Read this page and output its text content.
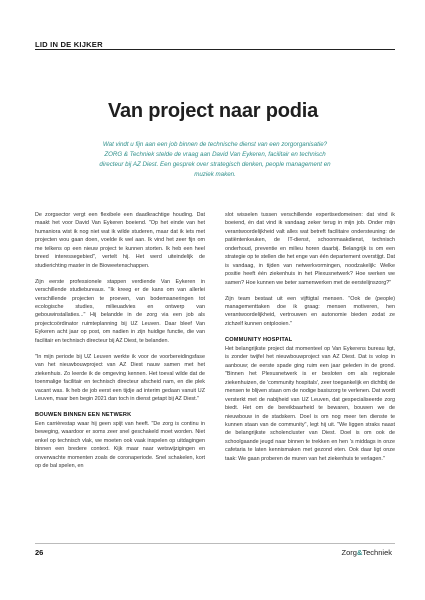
LID IN DE KIJKER
Van project naar podia
Wat vindt u fijn aan een job binnen de technische dienst van een zorgorganisatie? ZORG & Techniek stelde de vraag aan David Van Eykeren, facilitair en technisch directeur bij AZ Diest. Een gesprek over strategisch denken, people management en muziek maken.

De zorgsector vergt een flexibele een daadkrachtige houding. Dat maakt het voor David Van Eykeren boeiend. "Op het einde van het humaniora wist ik nog niet wat ik wilde studeren, maar dat ik iets met projecten wou gaan doen, voelde ik wel aan. Ik vind het zeer fijn om me telkens op een nieuw project te kunnen storten. Ik heb een heel breed interessegebied", vertelt hij. Het werd uiteindelijk de studierichting master in de Bioweetenschappen.

Zijn eerste professionele stappen verdiende Van Eykeren in verschillende studiebureaus. "Ik kreeg er de kans om van allerlei verschillende projecten te proeven, van bodemsaneringen tot ecologische studies, milieuadvies en ontwerp van gebouwinstallaties..." Hij belandde in de zorg via een job als projectcoördinator ruimteplanning bij UZ Leuven. Daar bleef Van Eykeren acht jaar op post, om nadien in zijn huidige functie, die van facilitair en technisch directeur bij AZ Diest, te belanden.

"In mijn periode bij UZ Leuven werkte ik voor de voorbereidingsfase van het nieuwbouwproject van AZ Diest nauw samen met het ziekenhuis. Zo leerde ik de omgeving kennen. Het toeval wilde dat de toenmalige facilitair en technisch directeur afscheid nam, en die plek vacant was. Ik heb de job eerst een tijdje ad interim gedaan vanuit UZ Leuven, maar ben begin 2021 dan toch in dienst getapt bij AZ Diest."

BOUWEN BINNEN EEN NETWERK

Een carrièrestap waar hij geen spijt van heeft. "De zorg is continu in beweging, waardoor er soms zeer snel geschakeld moet worden. Niet enkel op technisch vlak, we moeten ook vaak inspelen op uitdagingen binnen een bredere context. Kijk maar naar wetswijzigingen en onverwachte momenten zoals de coronaperiode. Snel schakelen, kort op de bal spelen, en

slot wisselen tussen verschillende expertisedomeinen: dat vind ik boeiend, én dat vind ik vandaag zeker terug in mijn job. Onder mijn verantwoordelijkheid valt alles wat betreft facilitaire ondersteuning: de patiëntenkeuken, de IT-dienst, schoonmaakdienst, technisch onderhoud, preventie en milieu horen daarbij. Belangrijk is om een strategie op te stellen die het enge van één departement overstijgt. Dat is vandaag, in tijden van netwerkvormingen, noodzakelijk: Welke positie heeft één ziekenhuis in het Plexusnetwerk? Hoe werken we samen? Hoe kunnen we beter samenwerken met de eerstelijnszorg?"

Zijn team bestaat uit een vijftigtal mensen. "Ook de (people) managementtaken doe ik graag: mensen motiveren, hen verantwoordelijkheid, vertrouwen en autonomie bieden zodat ze zichzelf kunnen ontplooien."

COMMUNITY HOSPITAL

Het belangrijkste project dat momenteel op Van Eykerens bureau ligt, is zonder twijfel het nieuwbouwproject van AZ Diest. Dat is volop in aanbouw; de eerste spade ging ruim een jaar geleden in de grond. "Binnen het Plexusnetwerk is er besloten om als regionale ziekenhuizen, de 'community hospitals', zeer toegankelijk en dichtbij de mensen te blijven staan om de nodige basiszorg te verlenen. Dat wordt versterkt met de nabijheid van UZ Leuven, dat gespecialiseerde zorg biedt. Het om de bereikbaarheid te bewaren, bouwen we de nieuwbouw in de stadskern. Doel is om nog meer ten dienste te kunnen staan van de community", legt hij uit. "We liggen straks naast de belangrijkste scholencluster van Diest. Doel is om ook de schoolgaande jeugd naar binnen te trekken en hen 's middags in onze cafetaria te laten kennismaken met gezond eten. Ook daar ligt onze taak: We gaan proberen de muren van het ziekenhuis te verlagen."

26	Zorg&Techniek
